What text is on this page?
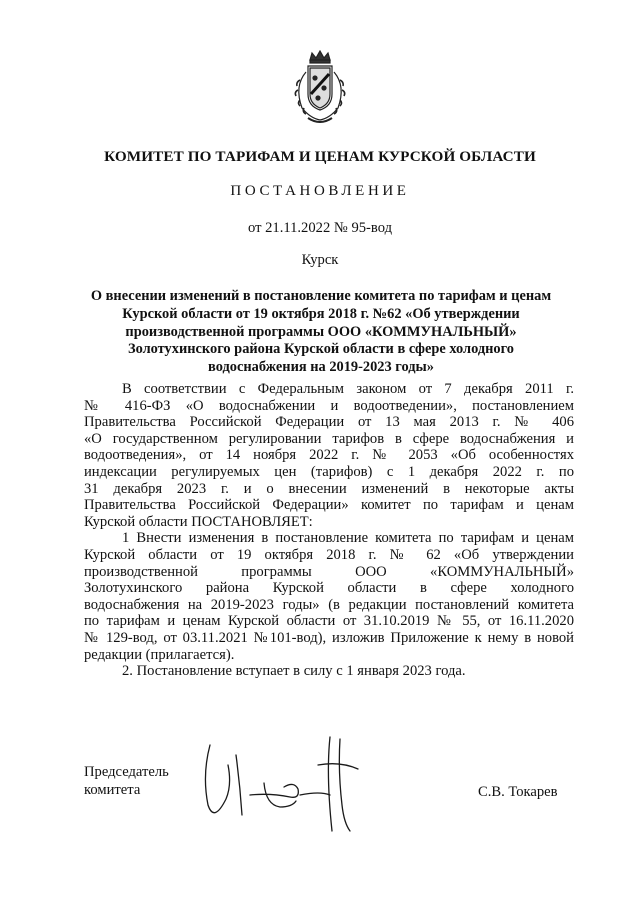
КОМИТЕТ ПО ТАРИФАМ И ЦЕНАМ КУРСКОЙ ОБЛАСТИ
ПОСТАНОВЛЕНИЕ
от 21.11.2022 № 95-вод
Курск
О внесении изменений в постановление комитета по тарифам и ценам
Курской области от 19 октября 2018 г. №62 «Об утверждении
производственной программы ООО «КОММУНАЛЬНЫЙ»
Золотухинского района Курской области в сфере холодного
водоснабжения на 2019-2023 годы»
В соответствии с Федеральным законом от 7 декабря 2011 г.
№ 416-ФЗ «О водоснабжении и водоотведении», постановлением
Правительства Российской Федерации от 13 мая 2013 г. № 406
«О государственном регулировании тарифов в сфере водоснабжения и
водоотведения», от 14 ноября 2022 г. № 2053 «Об особенностях
индексации регулируемых цен (тарифов) с 1 декабря 2022 г. по
31 декабря 2023 г. и о внесении изменений в некоторые акты
Правительства Российской Федерации» комитет по тарифам и ценам
Курской области ПОСТАНОВЛЯЕТ:
1 Внести изменения в постановление комитета по тарифам и ценам
Курской области от 19 октября 2018 г. № 62 «Об утверждении
производственной программы ООО «КОММУНАЛЬНЫЙ»
Золотухинского района Курской области в сфере холодного
водоснабжения на 2019-2023 годы» (в редакции постановлений комитета
по тарифам и ценам Курской области от 31.10.2019 № 55, от 16.11.2020
№ 129-вод, от 03.11.2021 №101-вод), изложив Приложение к нему в новой
редакции (прилагается).
2. Постановление вступает в силу с 1 января 2023 года.
Председатель
комитета	С.В. Токарев
